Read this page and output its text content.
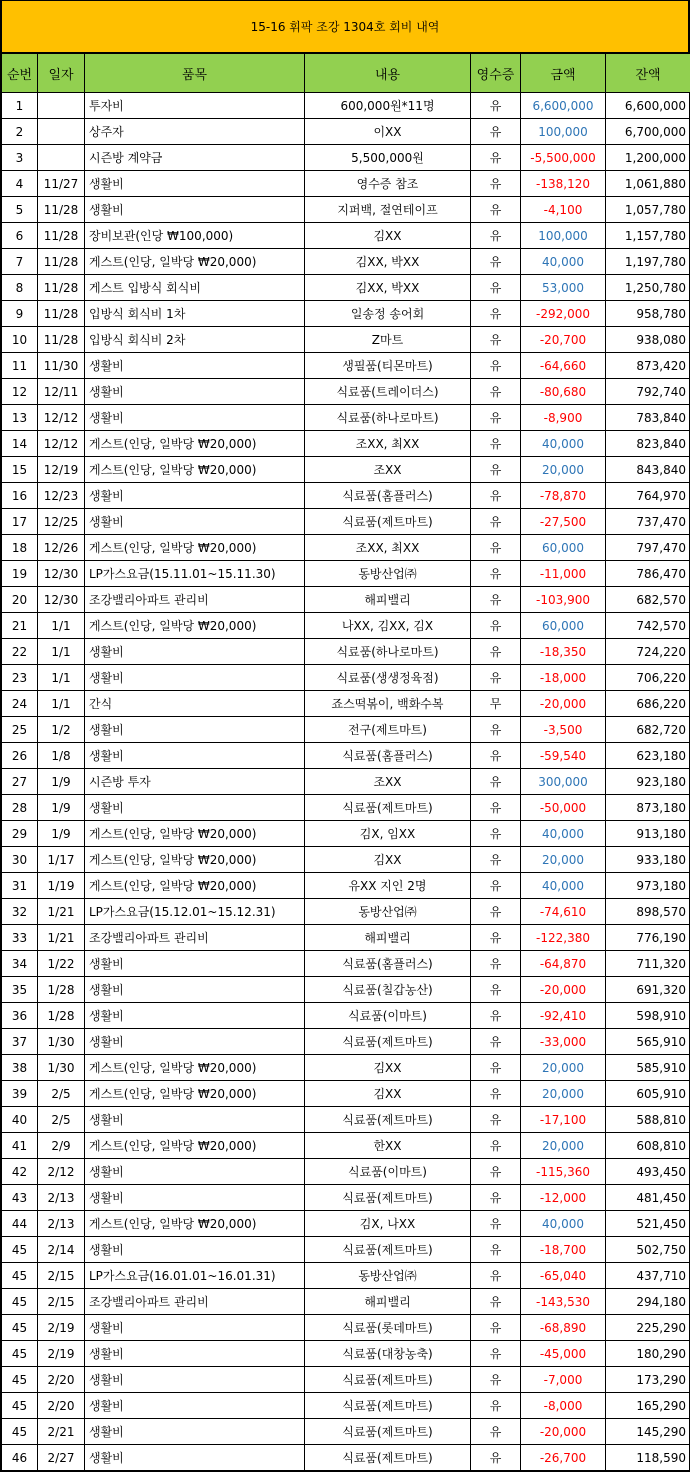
15-16 휘팍 조강 1304호 회비 내역
순번	일자	품목	내용	영수증	금액	잔액
1		투자비	600,000원*11명	유	6,600,000	6,600,000
2		상주자	이XX	유	100,000	6,700,000
3		시즌방 계약금	5,500,000원	유	-5,500,000	1,200,000
4	11/27	생활비	영수증 참조	유	-138,120	1,061,880
5	11/28	생활비	지퍼백, 절연테이프	유	-4,100	1,057,780
6	11/28	장비보관(인당 ₩100,000)	김XX	유	100,000	1,157,780
7	11/28	게스트(인당, 일박당 ₩20,000)	김XX, 박XX	유	40,000	1,197,780
8	11/28	게스트 입방식 회식비	김XX, 박XX	유	53,000	1,250,780
9	11/28	입방식 회식비 1차	일송정 송어회	유	-292,000	958,780
10	11/28	입방식 회식비 2차	Z마트	유	-20,700	938,080
11	11/30	생활비	생필품(티몬마트)	유	-64,660	873,420
12	12/11	생활비	식료품(트레이더스)	유	-80,680	792,740
13	12/12	생활비	식료품(하나로마트)	유	-8,900	783,840
14	12/12	게스트(인당, 일박당 ₩20,000)	조XX, 최XX	유	40,000	823,840
15	12/19	게스트(인당, 일박당 ₩20,000)	조XX	유	20,000	843,840
16	12/23	생활비	식료품(홈플러스)	유	-78,870	764,970
17	12/25	생활비	식료품(제트마트)	유	-27,500	737,470
18	12/26	게스트(인당, 일박당 ₩20,000)	조XX, 최XX	유	60,000	797,470
19	12/30	LP가스요금(15.11.01~15.11.30)	동방산업㈜	유	-11,000	786,470
20	12/30	조강밸리아파트 관리비	해피밸리	유	-103,900	682,570
21	1/1	게스트(인당, 일박당 ₩20,000)	나XX, 김XX, 김X	유	60,000	742,570
22	1/1	생활비	식료품(하나로마트)	유	-18,350	724,220
23	1/1	생활비	식료품(생생정육점)	유	-18,000	706,220
24	1/1	간식	죠스떡볶이, 백화수복	무	-20,000	686,220
25	1/2	생활비	전구(제트마트)	유	-3,500	682,720
26	1/8	생활비	식료품(홈플러스)	유	-59,540	623,180
27	1/9	시즌방 투자	조XX	유	300,000	923,180
28	1/9	생활비	식료품(제트마트)	유	-50,000	873,180
29	1/9	게스트(인당, 일박당 ₩20,000)	김X, 임XX	유	40,000	913,180
30	1/17	게스트(인당, 일박당 ₩20,000)	김XX	유	20,000	933,180
31	1/19	게스트(인당, 일박당 ₩20,000)	유XX 지인 2명	유	40,000	973,180
32	1/21	LP가스요금(15.12.01~15.12.31)	동방산업㈜	유	-74,610	898,570
33	1/21	조강밸리아파트 관리비	해피밸리	유	-122,380	776,190
34	1/22	생활비	식료품(홈플러스)	유	-64,870	711,320
35	1/28	생활비	식료품(칠갑농산)	유	-20,000	691,320
36	1/28	생활비	식료품(이마트)	유	-92,410	598,910
37	1/30	생활비	식료품(제트마트)	유	-33,000	565,910
38	1/30	게스트(인당, 일박당 ₩20,000)	김XX	유	20,000	585,910
39	2/5	게스트(인당, 일박당 ₩20,000)	김XX	유	20,000	605,910
40	2/5	생활비	식료품(제트마트)	유	-17,100	588,810
41	2/9	게스트(인당, 일박당 ₩20,000)	한XX	유	20,000	608,810
42	2/12	생활비	식료품(이마트)	유	-115,360	493,450
43	2/13	생활비	식료품(제트마트)	유	-12,000	481,450
44	2/13	게스트(인당, 일박당 ₩20,000)	김X, 나XX	유	40,000	521,450
45	2/14	생활비	식료품(제트마트)	유	-18,700	502,750
45	2/15	LP가스요금(16.01.01~16.01.31)	동방산업㈜	유	-65,040	437,710
45	2/15	조강밸리아파트 관리비	해피밸리	유	-143,530	294,180
45	2/19	생활비	식료품(롯데마트)	유	-68,890	225,290
45	2/19	생활비	식료품(대창농축)	유	-45,000	180,290
45	2/20	생활비	식료품(제트마트)	유	-7,000	173,290
45	2/20	생활비	식료품(제트마트)	유	-8,000	165,290
45	2/21	생활비	식료품(제트마트)	유	-20,000	145,290
46	2/27	생활비	식료품(제트마트)	유	-26,700	118,590
